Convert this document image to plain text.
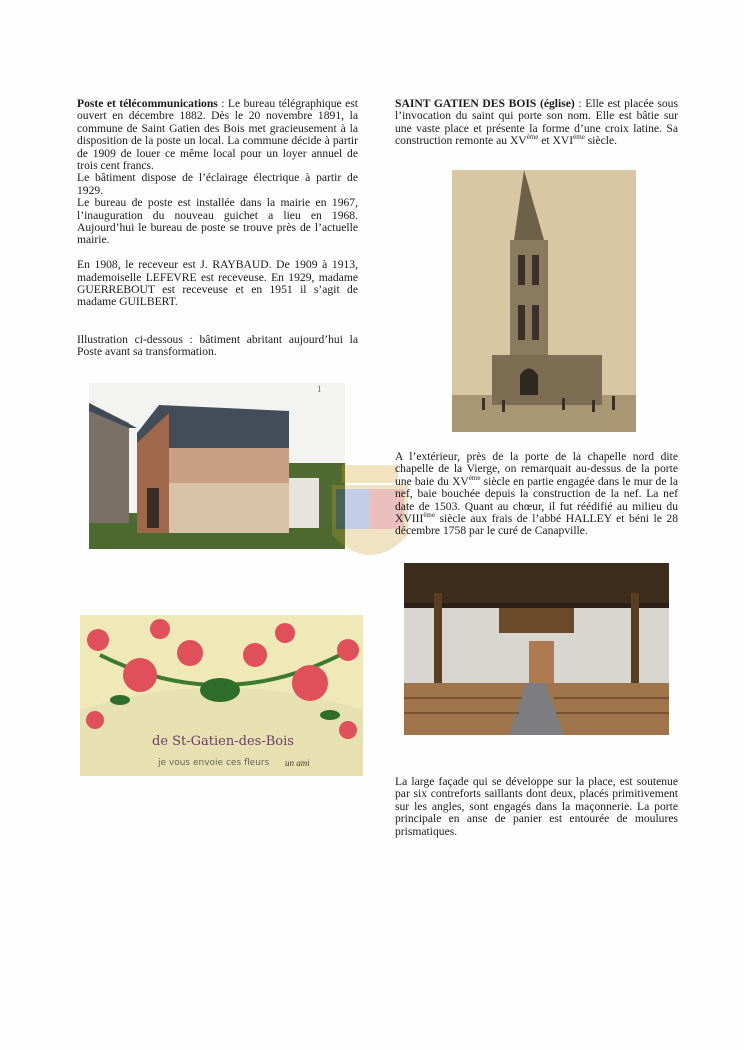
Poste et télécommunications : Le bureau télégraphique est ouvert en décembre 1882. Dès le 20 novembre 1891, la commune de Saint Gatien des Bois met gracieusement à la disposition de la poste un local. La commune décide à partir de 1909 de louer ce même local pour un loyer annuel de trois cent francs.

Le bâtiment dispose de l’éclairage électrique à partir de 1929.

Le bureau de poste est installée dans la mairie en 1967, l’inauguration du nouveau guichet a lieu en 1968. Aujourd’hui le bureau de poste se trouve près de l’actuelle mairie.

En 1908, le receveur est J. RAYBAUD. De 1909 à 1913, mademoiselle LEFEVRE est receveuse. En 1929, madame GUERREBOUT est receveuse et en 1951 il s’agit de madame GUILBERT.

Illustration ci-dessous : bâtiment abritant aujourd’hui la Poste avant sa transformation.

1
de St-Gatien-des-Bois
je vous envoie ces fleurs un ami

SAINT GATIEN DES BOIS (église) : Elle est placée sous l’invocation du saint qui porte son nom. Elle est bâtie sur une vaste place et présente la forme d’une croix latine. Sa construction remonte au XVème et XVIème siècle.

A l’extérieur, près de la porte de la chapelle nord dite chapelle de la Vierge, on remarquait au-dessus de la porte une baie du XVème siècle en partie engagée dans le mur de la nef, baie bouchée depuis la construction de la nef. La nef date de 1503. Quant au chœur, il fut réédifié au milieu du XVIIIème siècle aux frais de l’abbé HALLEY et béni le 28 décembre 1758 par le curé de Canapville.

La large façade qui se développe sur la place, est soutenue par six contreforts saillants dont deux, placés primitivement sur les angles, sont engagés dans la maçonnerie. La porte principale en anse de panier est entourée de moulures prismatiques.
